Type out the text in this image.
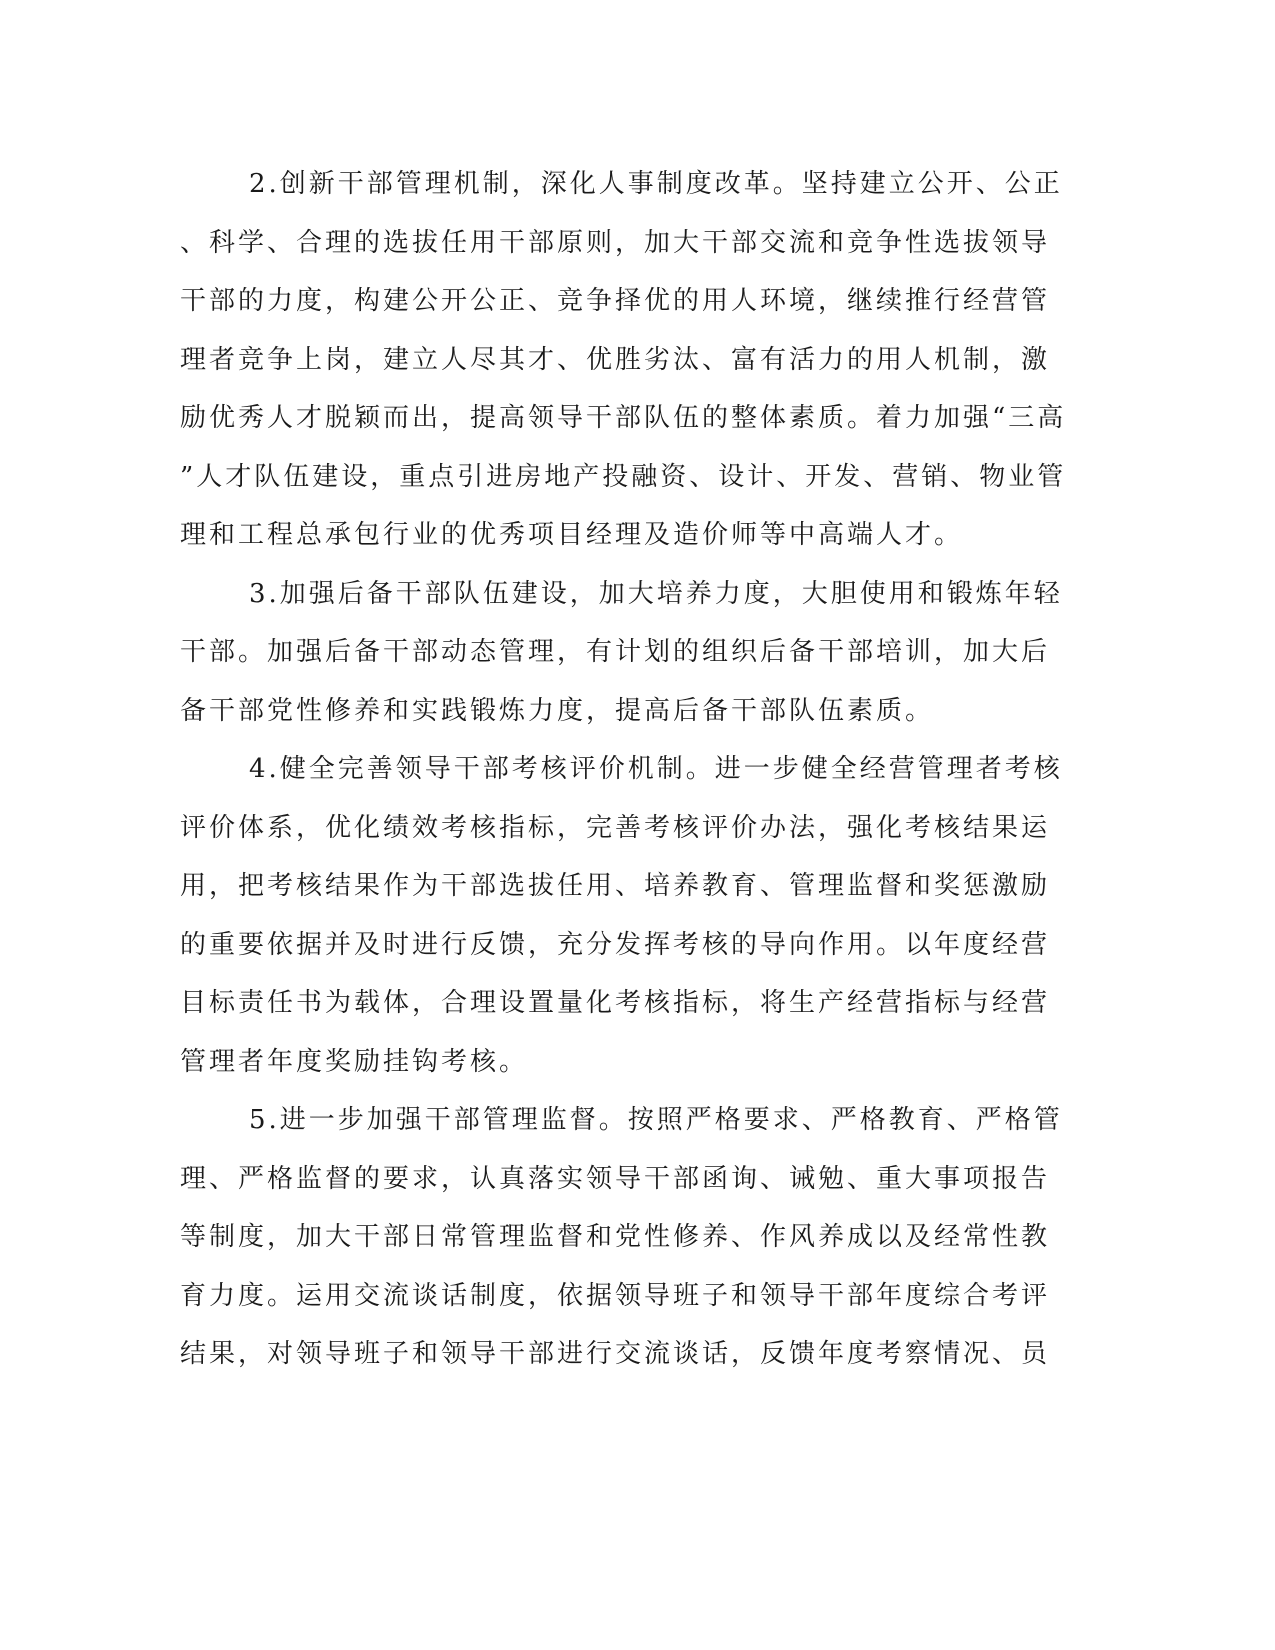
2.创新干部管理机制，深化人事制度改革。坚持建立公开、公正
、科学、合理的选拔任用干部原则，加大干部交流和竞争性选拔领导
干部的力度，构建公开公正、竞争择优的用人环境，继续推行经营管
理者竞争上岗，建立人尽其才、优胜劣汰、富有活力的用人机制，激
励优秀人才脱颖而出，提高领导干部队伍的整体素质。着力加强“三高
”人才队伍建设，重点引进房地产投融资、设计、开发、营销、物业管
理和工程总承包行业的优秀项目经理及造价师等中高端人才。
3.加强后备干部队伍建设，加大培养力度，大胆使用和锻炼年轻
干部。加强后备干部动态管理，有计划的组织后备干部培训，加大后
备干部党性修养和实践锻炼力度，提高后备干部队伍素质。
4.健全完善领导干部考核评价机制。进一步健全经营管理者考核
评价体系，优化绩效考核指标，完善考核评价办法，强化考核结果运
用，把考核结果作为干部选拔任用、培养教育、管理监督和奖惩激励
的重要依据并及时进行反馈，充分发挥考核的导向作用。以年度经营
目标责任书为载体，合理设置量化考核指标，将生产经营指标与经营
管理者年度奖励挂钩考核。
5.进一步加强干部管理监督。按照严格要求、严格教育、严格管
理、严格监督的要求，认真落实领导干部函询、诫勉、重大事项报告
等制度，加大干部日常管理监督和党性修养、作风养成以及经常性教
育力度。运用交流谈话制度，依据领导班子和领导干部年度综合考评
结果，对领导班子和领导干部进行交流谈话，反馈年度考察情况、员
